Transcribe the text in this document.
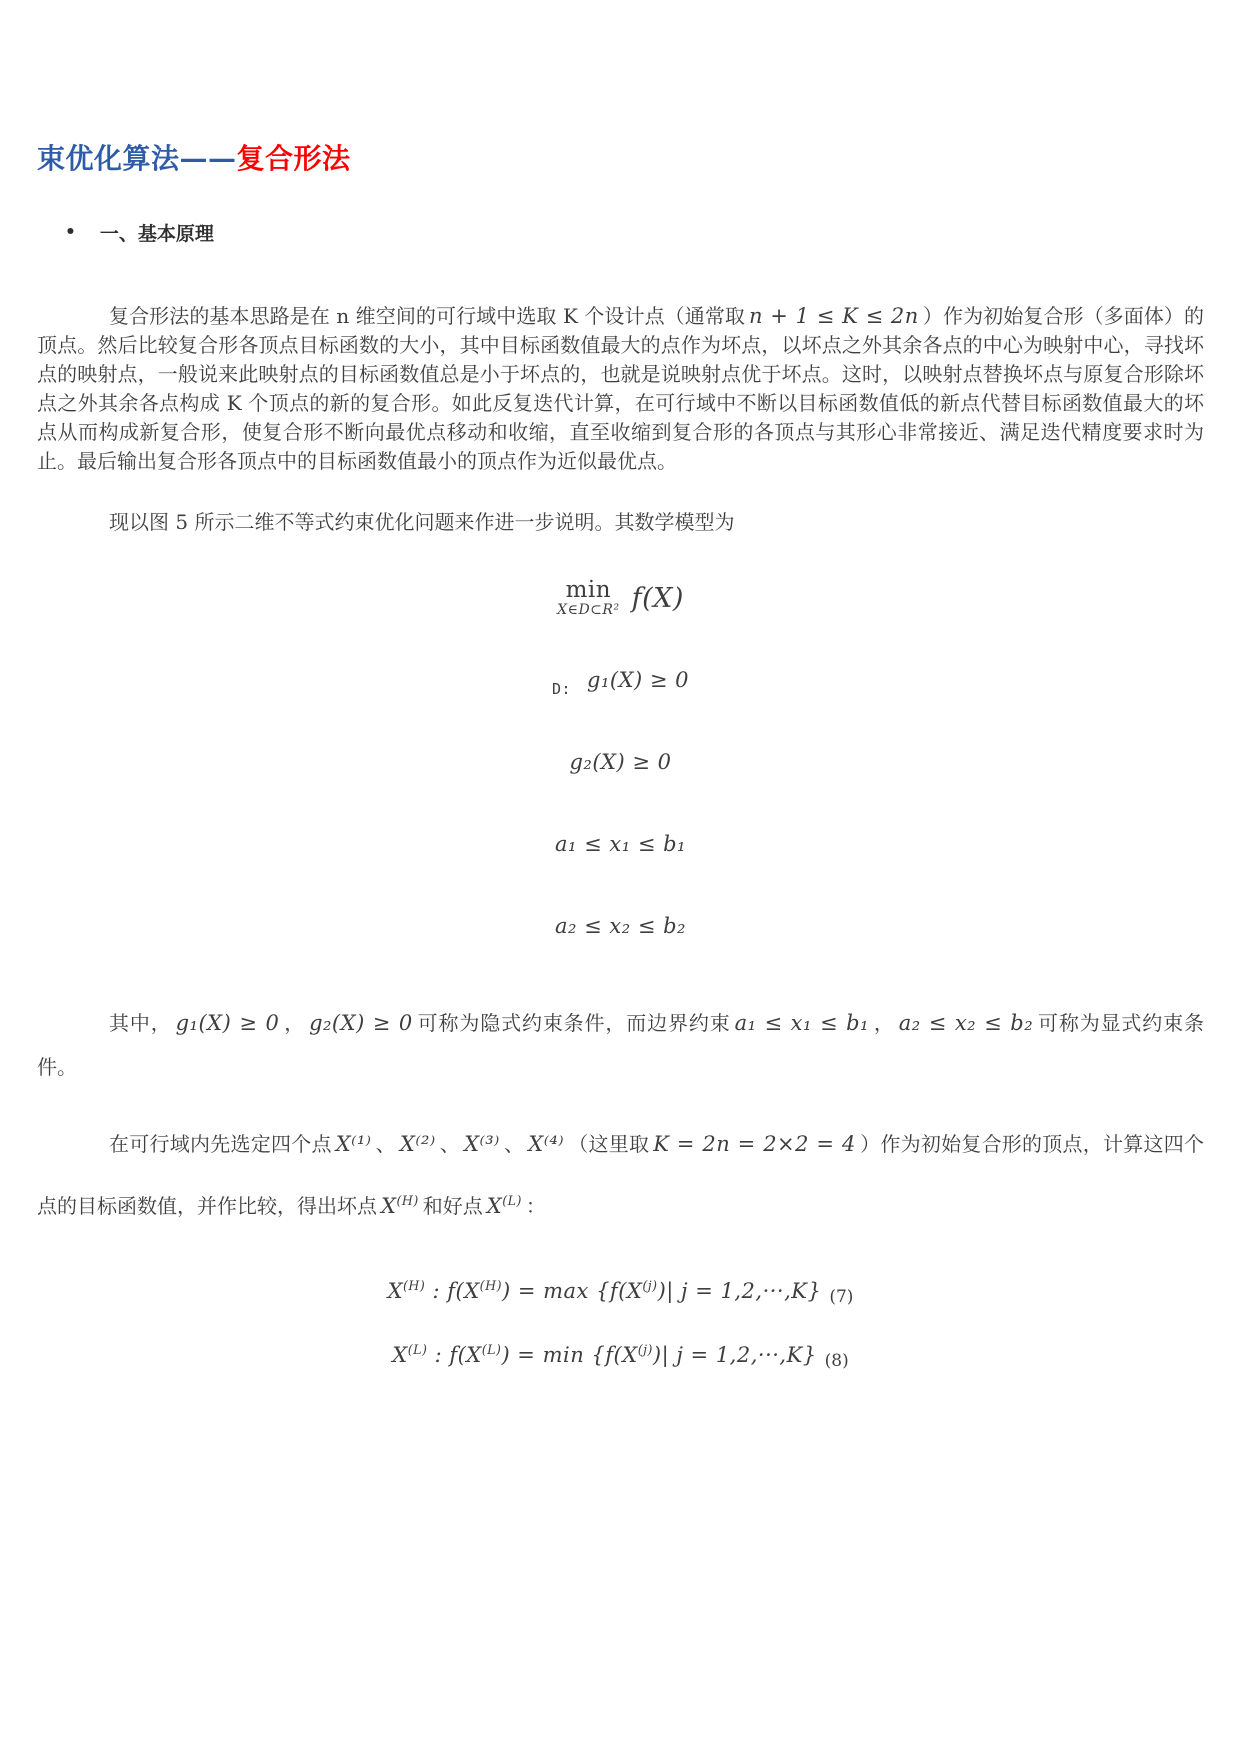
束优化算法——复合形法
• 一、基本原理

复合形法的基本思路是在 n 维空间的可行域中选取 K 个设计点（通常取 n + 1 ≤ K ≤ 2n ）作为初始复合形（多面体）的顶点。然后比较复合形各顶点目标函数的大小，其中目标函数值最大的点作为坏点，以坏点之外其余各点的中心为映射中心，寻找坏点的映射点，一般说来此映射点的目标函数值总是小于坏点的，也就是说映射点优于坏点。这时，以映射点替换坏点与原复合形除坏点之外其余各点构成 K 个顶点的新的复合形。如此反复迭代计算，在可行域中不断以目标函数值低的新点代替目标函数值最大的坏点从而构成新复合形，使复合形不断向最优点移动和收缩，直至收缩到复合形的各顶点与其形心非常接近、满足迭代精度要求时为止。最后输出复合形各顶点中的目标函数值最小的顶点作为近似最优点。

现以图 5 所示二维不等式约束优化问题来作进一步说明。其数学模型为

min
X∈D⊂R² f(X)
D: g₁(X) ≥ 0
g₂(X) ≥ 0
a₁ ≤ x₁ ≤ b₁
a₂ ≤ x₂ ≤ b₂

其中， g₁(X) ≥ 0 ， g₂(X) ≥ 0 可称为隐式约束条件，而边界约束 a₁ ≤ x₁ ≤ b₁ ， a₂ ≤ x₂ ≤ b₂ 可称为显式约束条件。

在可行域内先选定四个点 X⁽¹⁾ 、 X⁽²⁾ 、 X⁽³⁾ 、 X⁽⁴⁾ （这里取 K = 2n = 2×2 = 4 ）作为初始复合形的顶点，计算这四个点的目标函数值，并作比较，得出坏点 $X^{(H)}$ 和好点 $X^{(L)}$ ：

$X^{(H)}$ : $f(X^{(H)}) = \max \{f(X^{(j)})|$ j = 1,2,···,K} (7)
$X^{(L)}$ : $f(X^{(L)}) = \min \{f(X^{(j)})|$ j = 1,2,···,K} (8)
